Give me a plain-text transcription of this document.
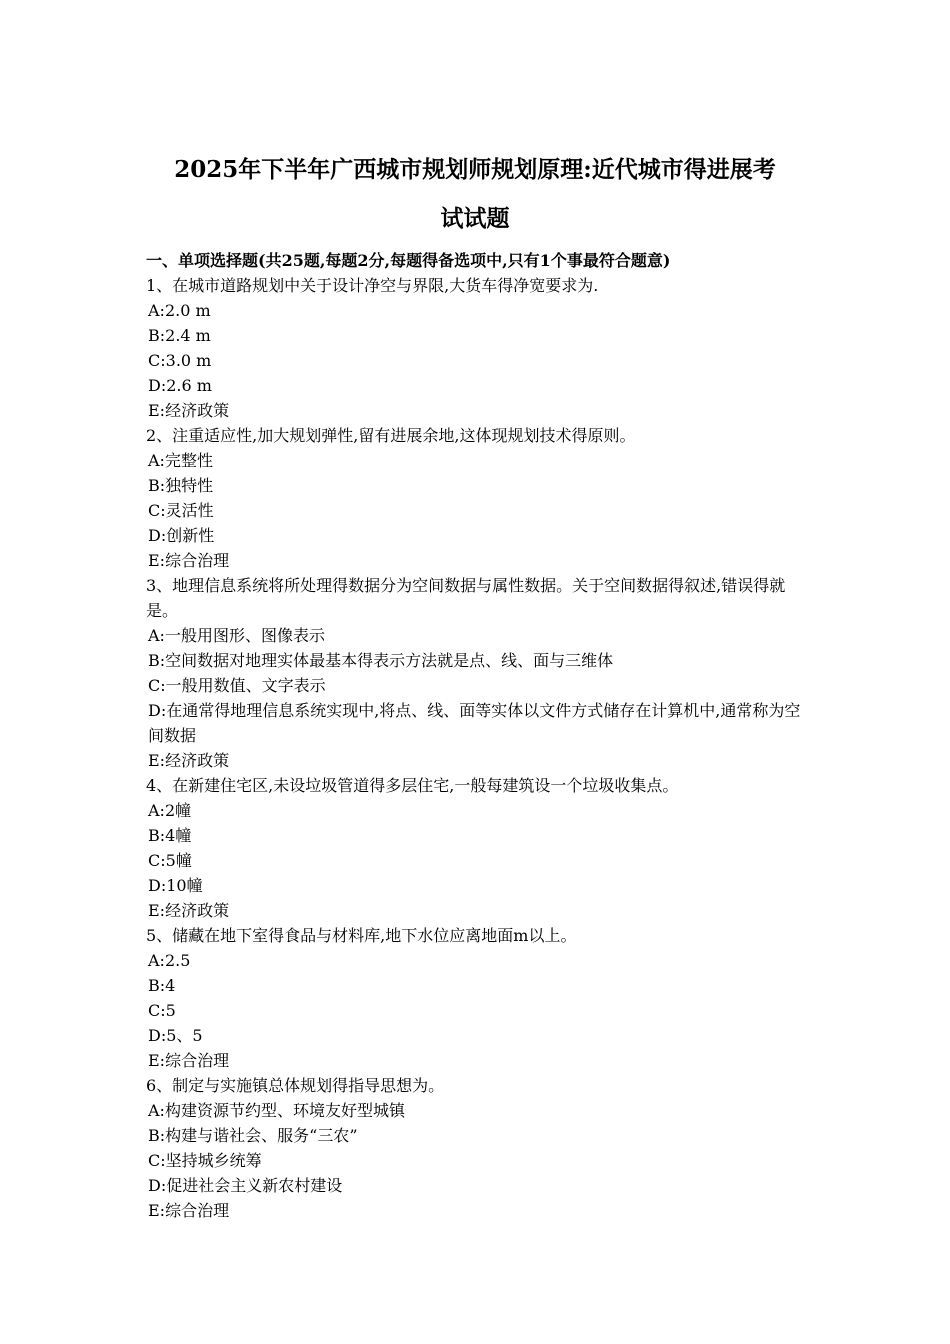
2025年下半年广西城市规划师规划原理:近代城市得进展考
试试题
一、单项选择题(共25题,每题2分,每题得备选项中,只有1个事最符合题意)
1、在城市道路规划中关于设计净空与界限,大货车得净宽要求为.
A:2.0 m
B:2.4 m
C:3.0 m
D:2.6 m
E:经济政策
2、注重适应性,加大规划弹性,留有进展余地,这体现规划技术得原则。
A:完整性
B:独特性
C:灵活性
D:创新性
E:综合治理
3、地理信息系统将所处理得数据分为空间数据与属性数据。关于空间数据得叙述,错误得就是。
A:一般用图形、图像表示
B:空间数据对地理实体最基本得表示方法就是点、线、面与三维体
C:一般用数值、文字表示
D:在通常得地理信息系统实现中,将点、线、面等实体以文件方式储存在计算机中,通常称为空间数据
E:经济政策
4、在新建住宅区,未设垃圾管道得多层住宅,一般每建筑设一个垃圾收集点。
A:2幢
B:4幢
C:5幢
D:10幢
E:经济政策
5、储藏在地下室得食品与材料库,地下水位应离地面m以上。
A:2.5
B:4
C:5
D:5、5
E:综合治理
6、制定与实施镇总体规划得指导思想为。
A:构建资源节约型、环境友好型城镇
B:构建与谐社会、服务“三农”
C:坚持城乡统筹
D:促进社会主义新农村建设
E:综合治理
